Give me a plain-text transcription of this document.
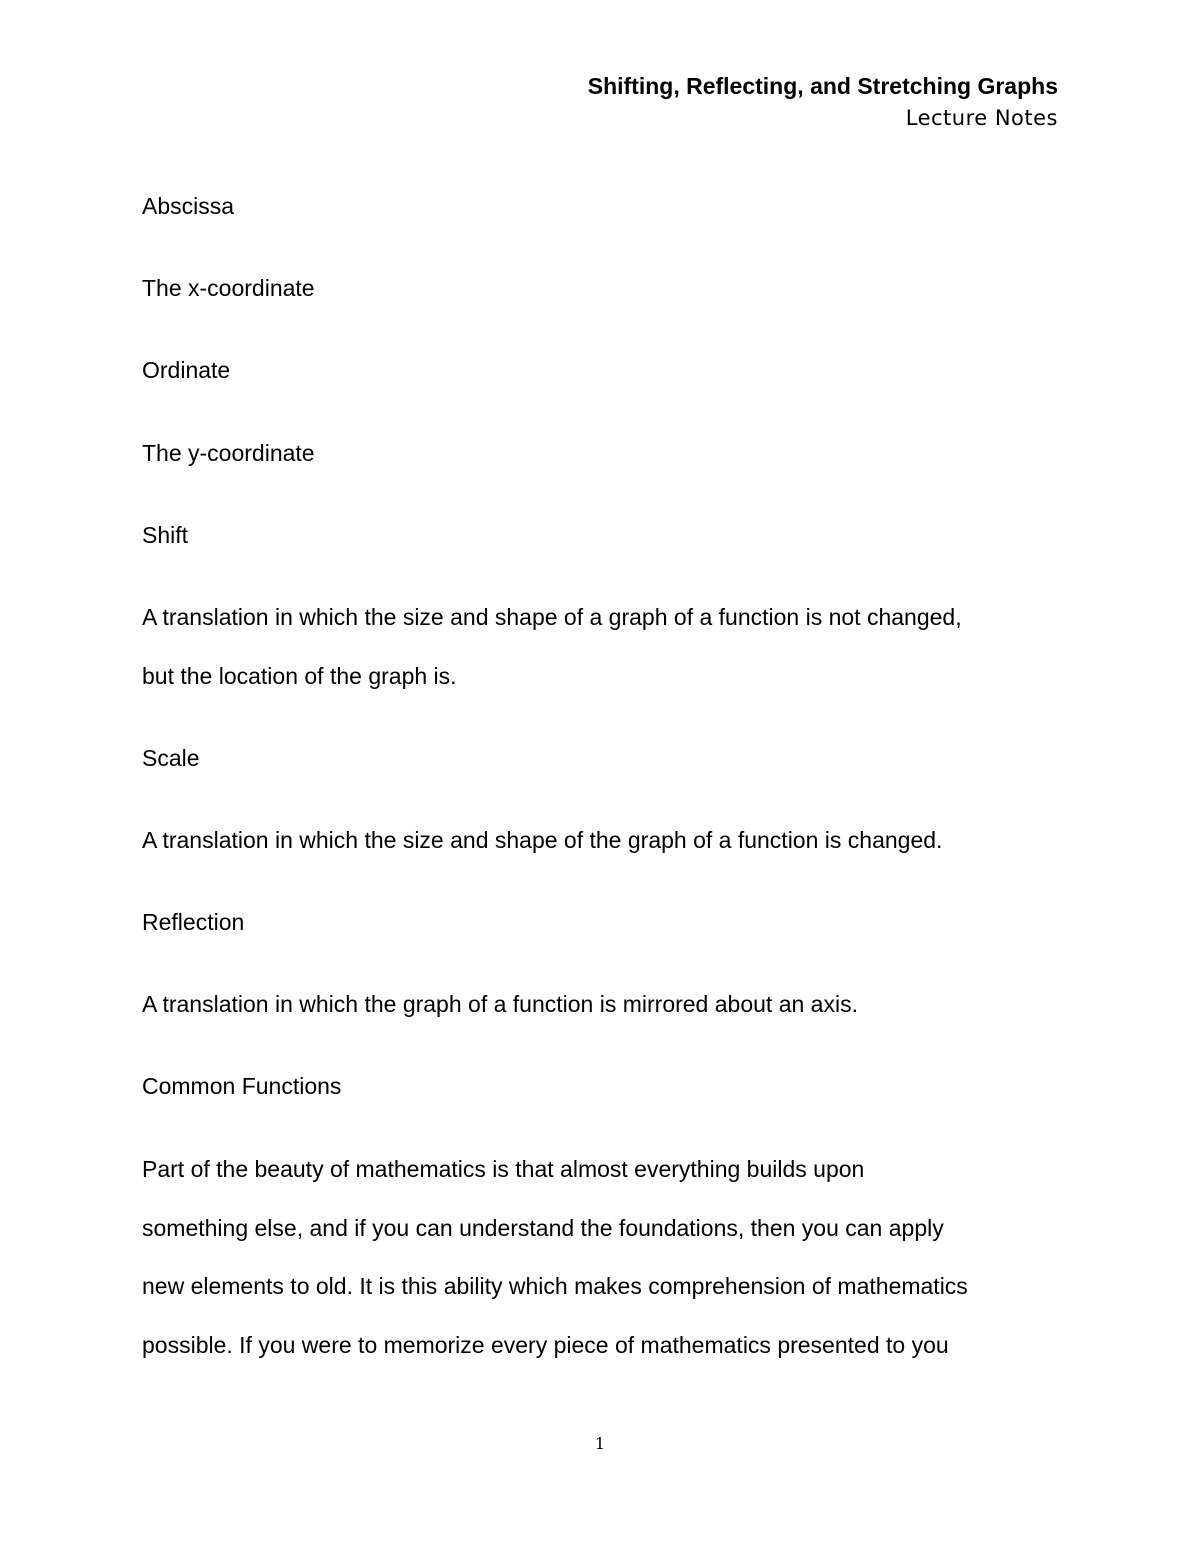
Shifting, Reflecting, and Stretching Graphs
Lecture Notes
Abscissa
The x-coordinate
Ordinate
The y-coordinate
Shift
A translation in which the size and shape of a graph of a function is not changed,
but the location of the graph is.
Scale
A translation in which the size and shape of the graph of a function is changed.
Reflection
A translation in which the graph of a function is mirrored about an axis.
Common Functions
Part of the beauty of mathematics is that almost everything builds upon
something else, and if you can understand the foundations, then you can apply
new elements to old. It is this ability which makes comprehension of mathematics
possible. If you were to memorize every piece of mathematics presented to you
1
